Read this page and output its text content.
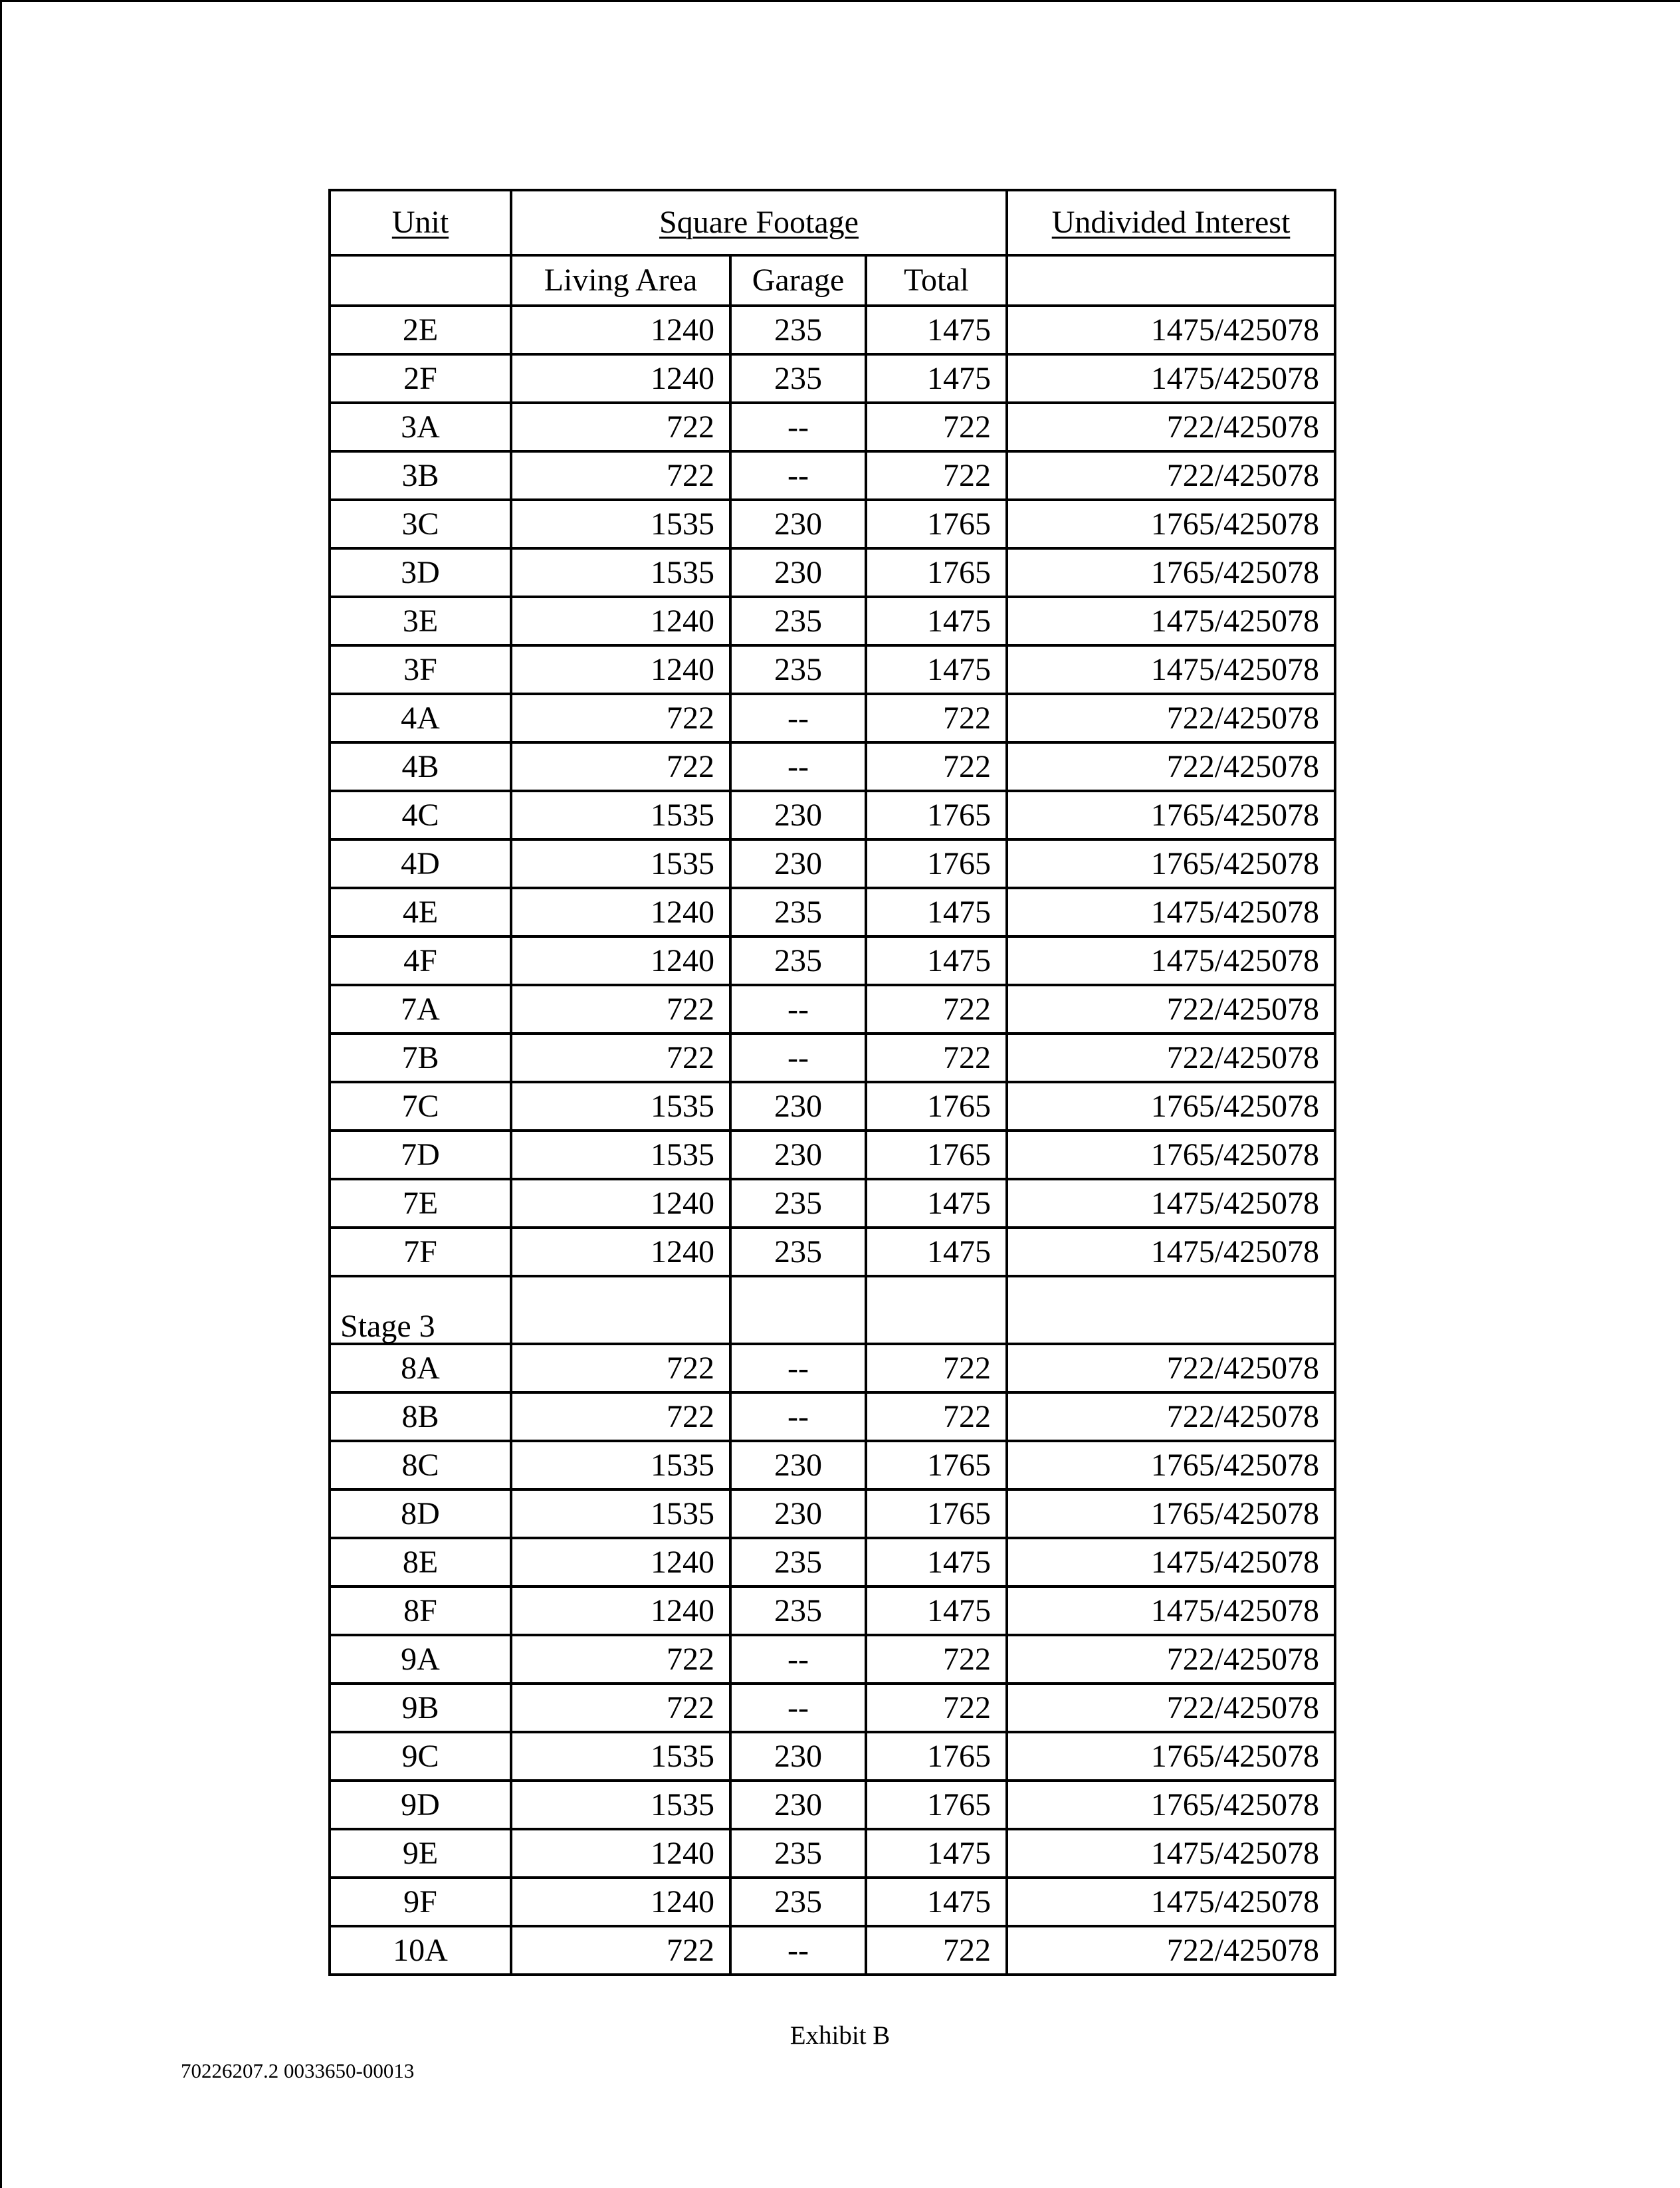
Unit	Square Footage			Undivided Interest
	Living Area	Garage	Total	
2E	1240	235	1475	1475/425078
2F	1240	235	1475	1475/425078
3A	722	--	722	722/425078
3B	722	--	722	722/425078
3C	1535	230	1765	1765/425078
3D	1535	230	1765	1765/425078
3E	1240	235	1475	1475/425078
3F	1240	235	1475	1475/425078
4A	722	--	722	722/425078
4B	722	--	722	722/425078
4C	1535	230	1765	1765/425078
4D	1535	230	1765	1765/425078
4E	1240	235	1475	1475/425078
4F	1240	235	1475	1475/425078
7A	722	--	722	722/425078
7B	722	--	722	722/425078
7C	1535	230	1765	1765/425078
7D	1535	230	1765	1765/425078
7E	1240	235	1475	1475/425078
7F	1240	235	1475	1475/425078
Stage 3				
8A	722	--	722	722/425078
8B	722	--	722	722/425078
8C	1535	230	1765	1765/425078
8D	1535	230	1765	1765/425078
8E	1240	235	1475	1475/425078
8F	1240	235	1475	1475/425078
9A	722	--	722	722/425078
9B	722	--	722	722/425078
9C	1535	230	1765	1765/425078
9D	1535	230	1765	1765/425078
9E	1240	235	1475	1475/425078
9F	1240	235	1475	1475/425078
10A	722	--	722	722/425078
Exhibit B
70226207.2 0033650-00013
